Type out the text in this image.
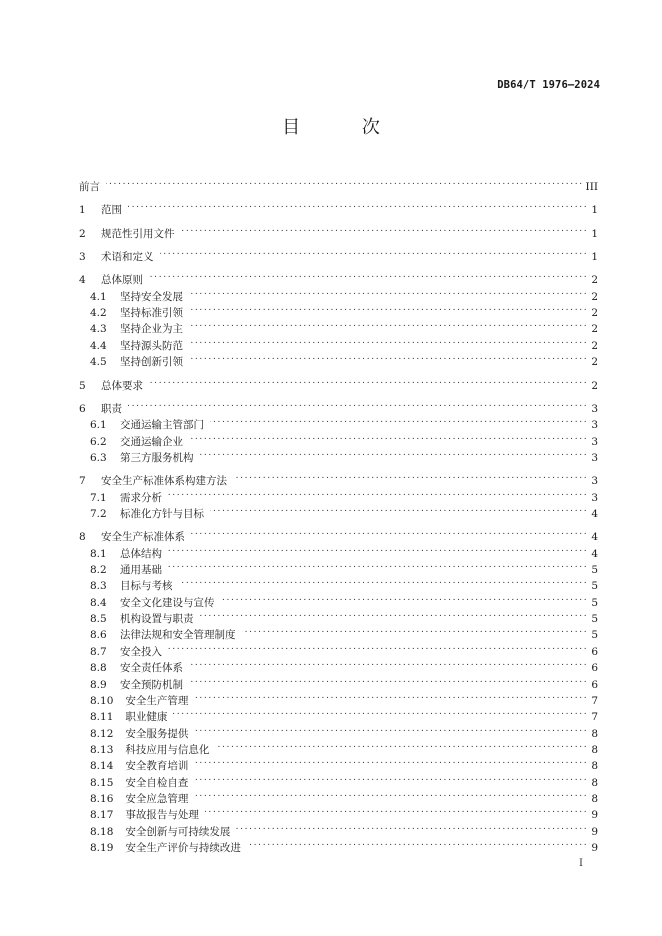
DB64/T 1976—2024
目 次
前言 . . .	III
1	范围 . . .	1
2	规范性引用文件 . . .	1
3	术语和定义 . . .	1
4	总体原则 . . .	2
4.1	坚持安全发展 . . .	2
4.2	坚持标准引领 . . .	2
4.3	坚持企业为主 . . .	2
4.4	坚持源头防范 . . .	2
4.5	坚持创新引领 . . .	2
5	总体要求 . . .	2
6	职责 . . .	3
6.1	交通运输主管部门 . . .	3
6.2	交通运输企业 . . .	3
6.3	第三方服务机构 . . .	3
7	安全生产标准体系构建方法 . . .	3
7.1	需求分析 . . .	3
7.2	标准化方针与目标 . . .	4
8	安全生产标准体系 . . .	4
8.1	总体结构 . . .	4
8.2	通用基础 . . .	5
8.3	目标与考核 . . .	5
8.4	安全文化建设与宣传 . . .	5
8.5	机构设置与职责 . . .	5
8.6	法律法规和安全管理制度 . . .	5
8.7	安全投入 . . .	6
8.8	安全责任体系 . . .	6
8.9	安全预防机制 . . .	6
8.10	安全生产管理 . . .	7
8.11	职业健康 . . .	7
8.12	安全服务提供 . . .	8
8.13	科技应用与信息化 . . .	8
8.14	安全教育培训 . . .	8
8.15	安全自检自查 . . .	8
8.16	安全应急管理 . . .	8
8.17	事故报告与处理 . . .	9
8.18	安全创新与可持续发展 . . .	9
8.19	安全生产评价与持续改进 . . .	9
I
